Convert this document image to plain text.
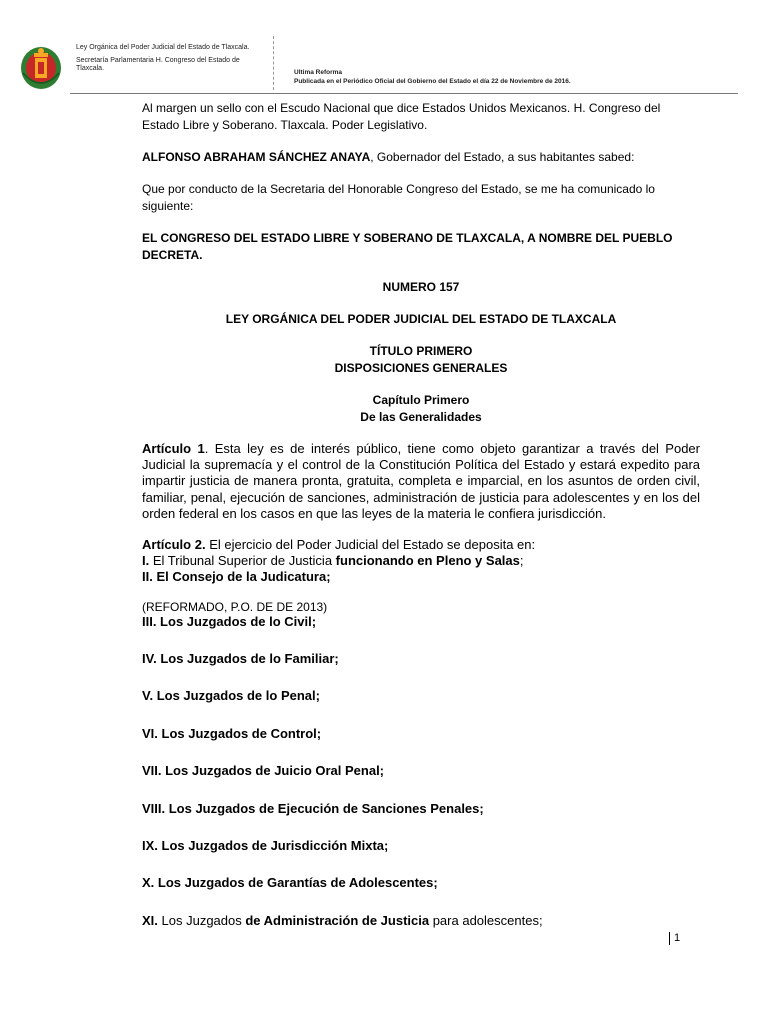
Ley Orgánica del Poder Judicial del Estado de Tlaxcala.

Secretaría Parlamentaria H. Congreso del Estado de Tlaxcala.

Ultima Reforma
Publicada en el Periódico Oficial del Gobierno del Estado el día 22 de Noviembre de 2016.

Al margen un sello con el Escudo Nacional que dice Estados Unidos Mexicanos. H. Congreso del Estado Libre y Soberano. Tlaxcala. Poder Legislativo.

ALFONSO ABRAHAM SÁNCHEZ ANAYA, Gobernador del Estado, a sus habitantes sabed:

Que por conducto de la Secretaria del Honorable Congreso del Estado, se me ha comunicado lo siguiente:

EL CONGRESO DEL ESTADO LIBRE Y SOBERANO DE TLAXCALA, A NOMBRE DEL PUEBLO DECRETA.

NUMERO 157

LEY ORGÁNICA DEL PODER JUDICIAL DEL ESTADO DE TLAXCALA

TÍTULO PRIMERO
DISPOSICIONES GENERALES

Capítulo Primero
De las Generalidades

Artículo 1. Esta ley es de interés público, tiene como objeto garantizar a través del Poder Judicial la supremacía y el control de la Constitución Política del Estado y estará expedito para impartir justicia de manera pronta, gratuita, completa e imparcial, en los asuntos de orden civil, familiar, penal, ejecución de sanciones, administración de justicia para adolescentes y en los del orden federal en los casos en que las leyes de la materia le confiera jurisdicción.

Artículo 2. El ejercicio del Poder Judicial del Estado se deposita en:
I. El Tribunal Superior de Justicia funcionando en Pleno y Salas;
II. El Consejo de la Judicatura;

(REFORMADO, P.O. DE DE 2013)

III. Los Juzgados de lo Civil;

IV. Los Juzgados de lo Familiar;

V. Los Juzgados de lo Penal;

VI. Los Juzgados de Control;

VII. Los Juzgados de Juicio Oral Penal;

VIII. Los Juzgados de Ejecución de Sanciones Penales;

IX. Los Juzgados de Jurisdicción Mixta;

X. Los Juzgados de Garantías de Adolescentes;

XI. Los Juzgados de Administración de Justicia para adolescentes;

1
